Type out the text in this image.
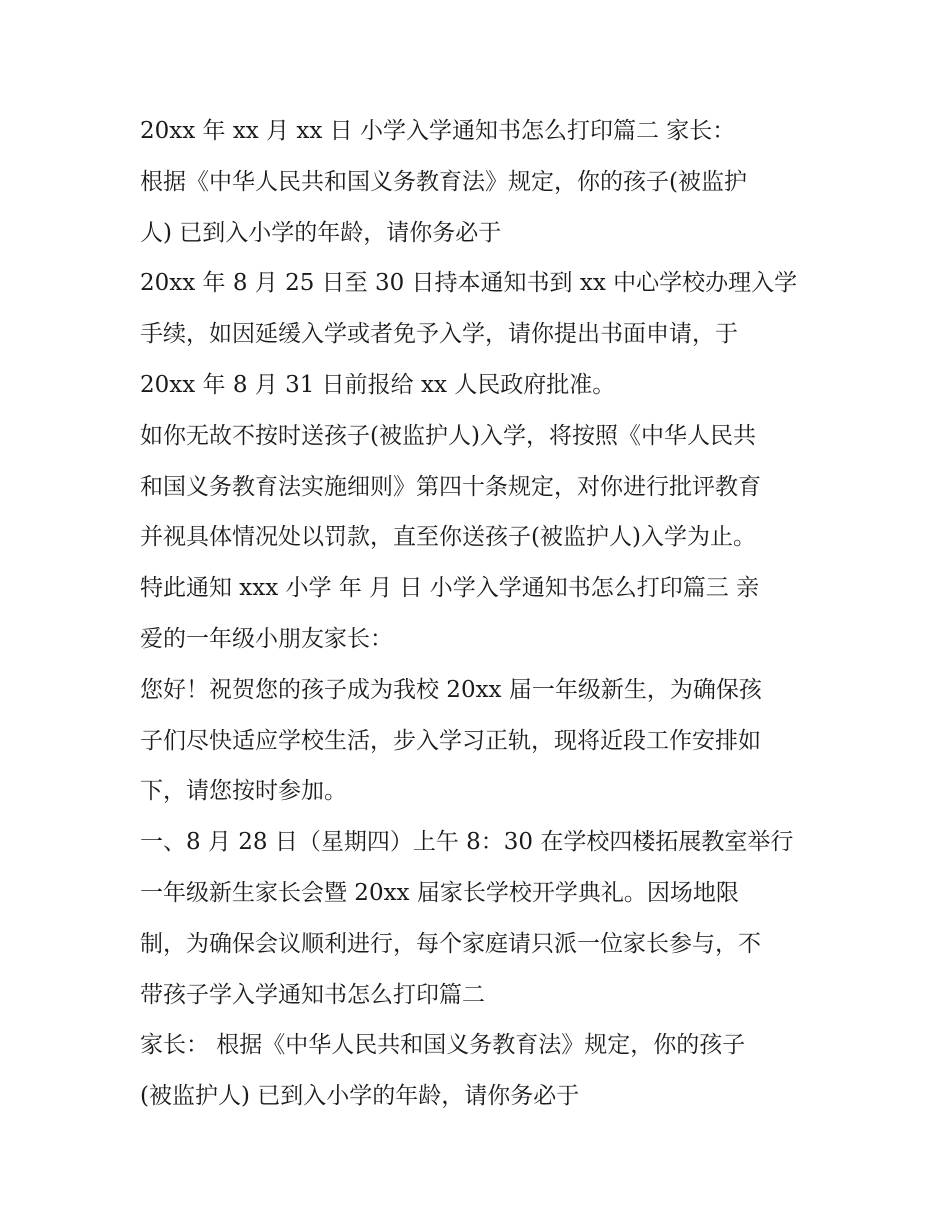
20xx 年 xx 月 xx 日 小学入学通知书怎么打印篇二 家长：
根据《中华人民共和国义务教育法》规定，你的孩子(被监护
人) 已到入小学的年龄，请你务必于
20xx 年 8 月 25 日至 30 日持本通知书到 xx 中心学校办理入学
手续，如因延缓入学或者免予入学，请你提出书面申请，于
20xx 年 8 月 31 日前报给 xx 人民政府批准。
如你无故不按时送孩子(被监护人)入学，将按照《中华人民共
和国义务教育法实施细则》第四十条规定，对你进行批评教育
并视具体情况处以罚款，直至你送孩子(被监护人)入学为止。
特此通知 xxx 小学 年 月 日 小学入学通知书怎么打印篇三 亲
爱的一年级小朋友家长：
您好！祝贺您的孩子成为我校 20xx 届一年级新生，为确保孩
子们尽快适应学校生活，步入学习正轨，现将近段工作安排如
下，请您按时参加。
一、8 月 28 日（星期四）上午 8：30 在学校四楼拓展教室举行
一年级新生家长会暨 20xx 届家长学校开学典礼。因场地限
制，为确保会议顺利进行，每个家庭请只派一位家长参与，不
带孩子学入学通知书怎么打印篇二
家长： 根据《中华人民共和国义务教育法》规定，你的孩子
(被监护人) 已到入小学的年龄，请你务必于
